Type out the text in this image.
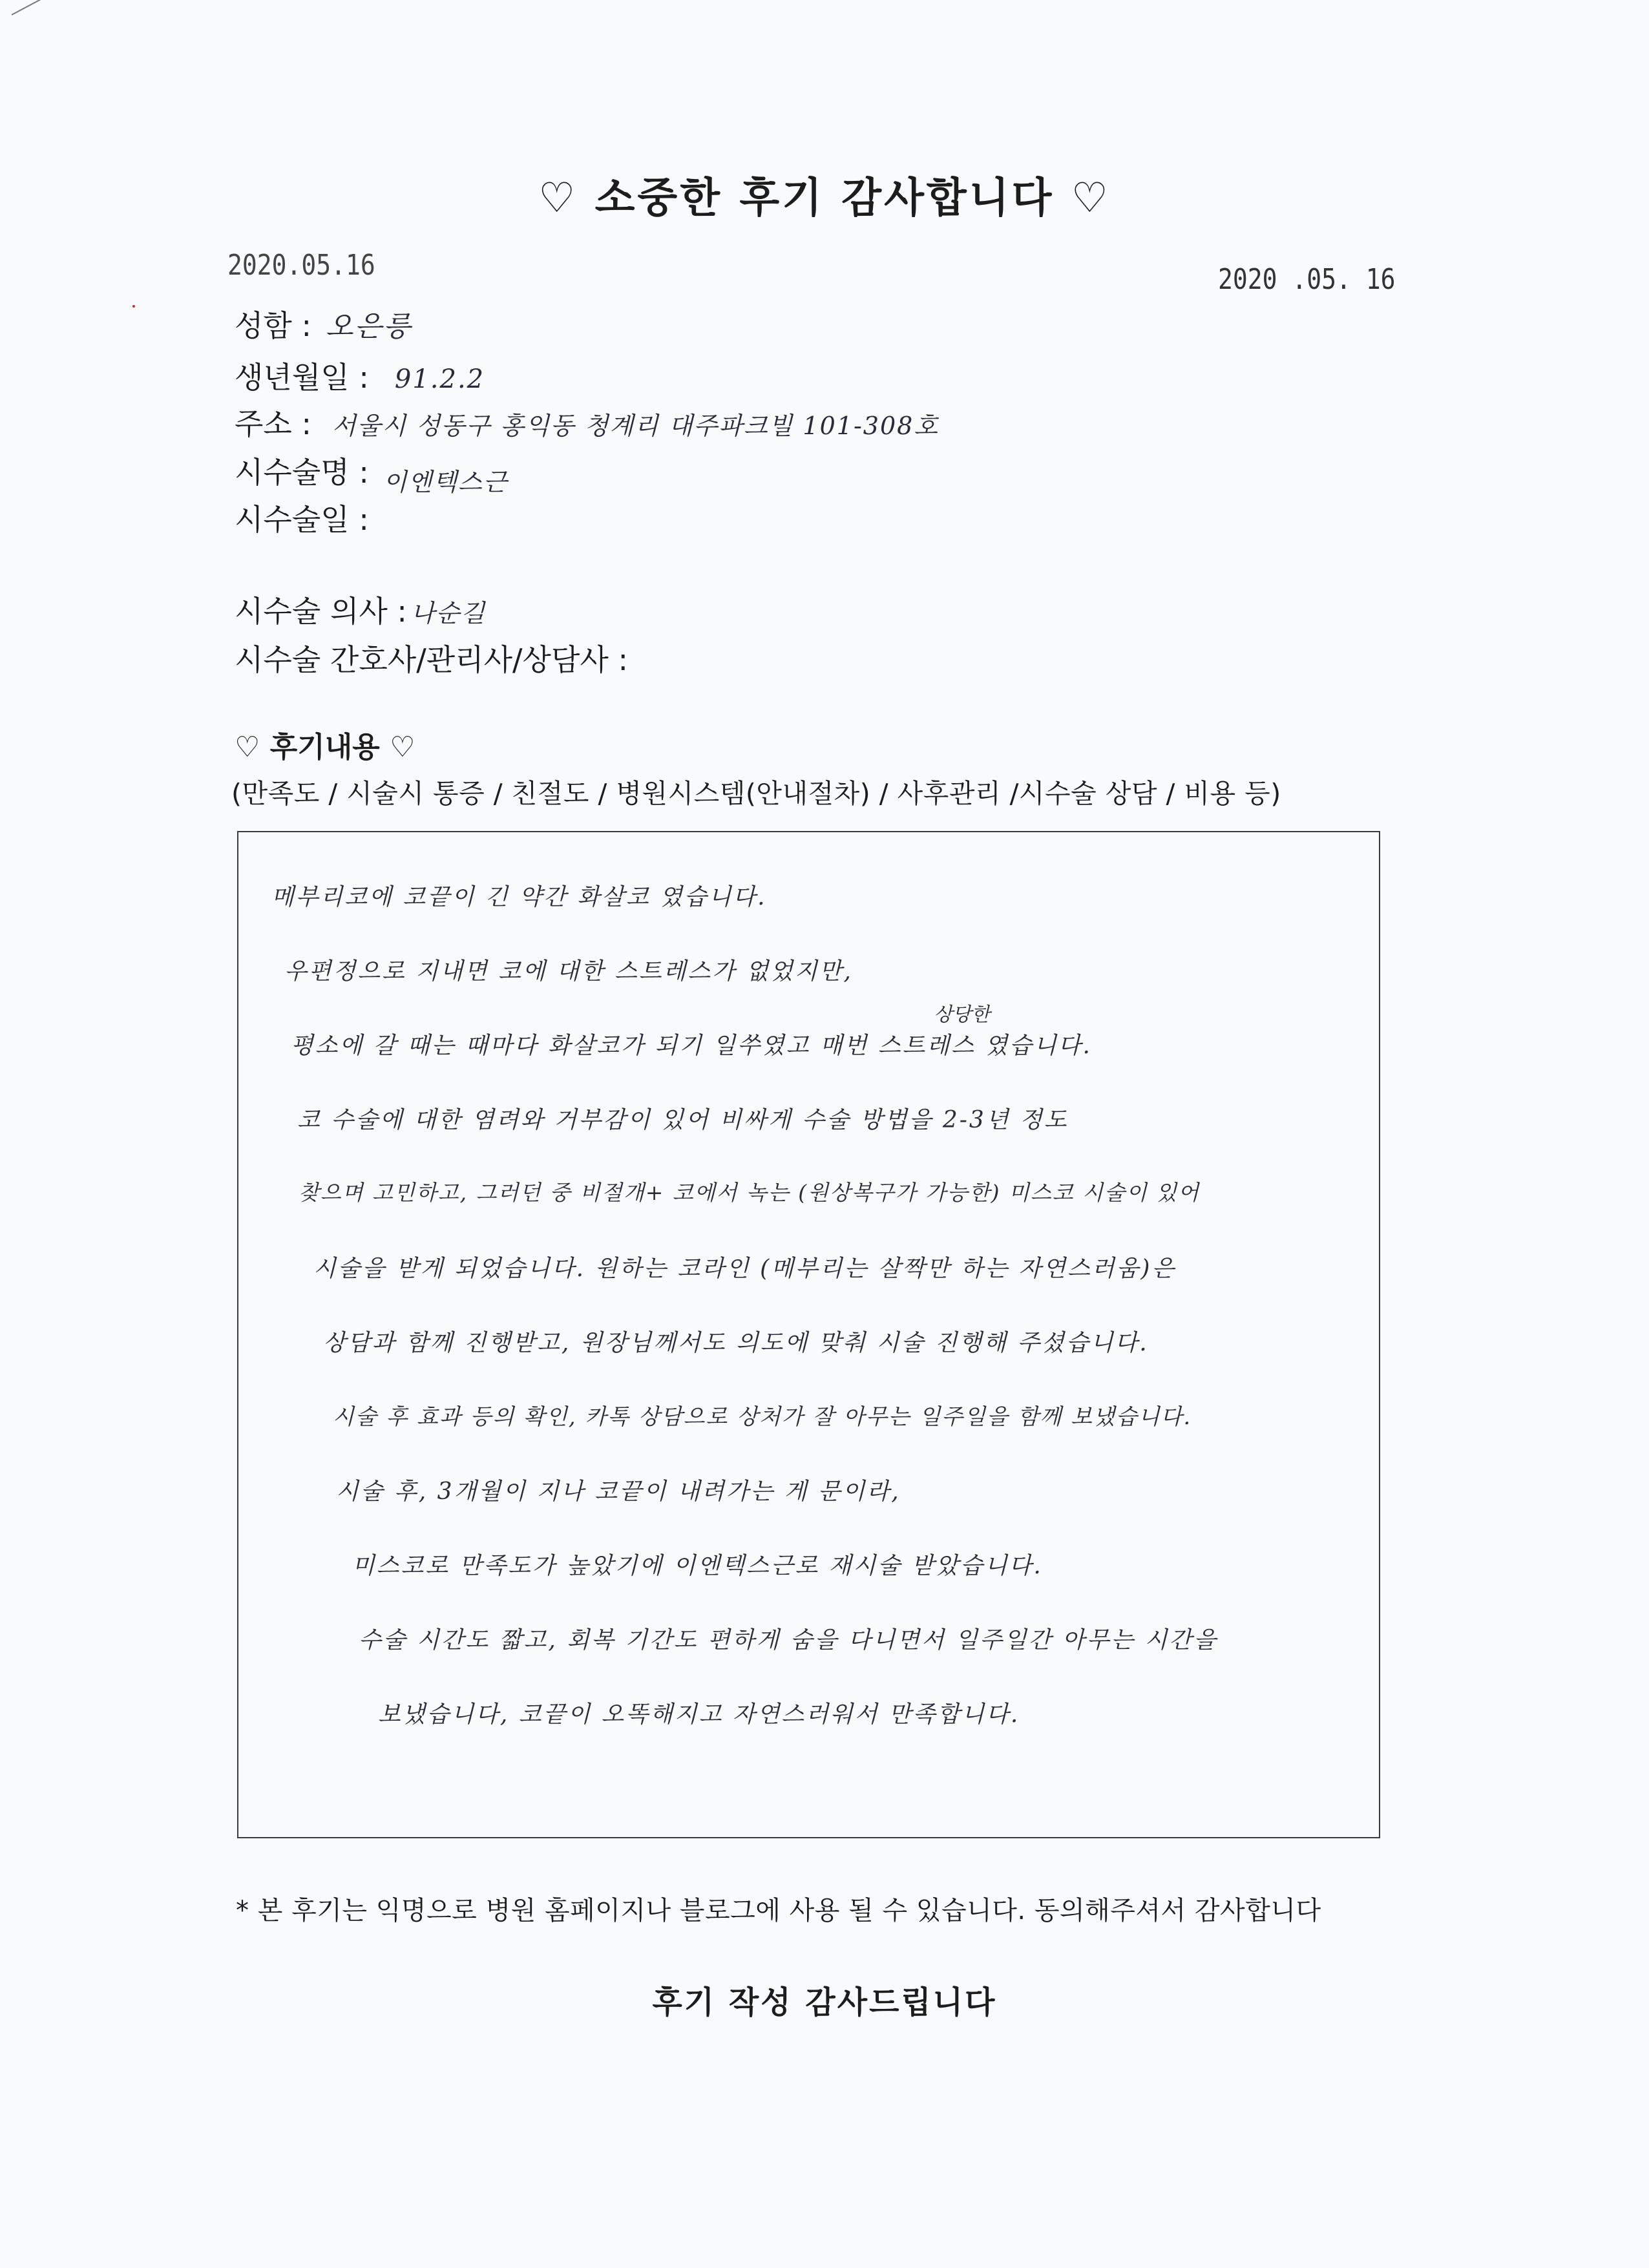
♡ 소중한 후기 감사합니다 ♡
2020.05.16	2020 .05. 16
성함 : 오은릉
생년월일 : 91.2.2
주소 : 서울시 성동구 홍익동 청계리 대주파크빌 101-308호
시수술명 : $_{이엔텍스근}$
시수술일 :
시수술 의사 : 나순길
시수술 간호사/관리사/상담사 :
♡ 후기내용 ♡
(만족도 / 시술시 통증 / 친절도 / 병원시스템(안내절차) / 사후관리 /시수술 상담 / 비용 등)
상당한
메부리코에 코끝이 긴 약간 화살코 였습니다.
우편정으로 지내면 코에 대한 스트레스가 없었지만,
평소에 갈 때는 때마다 화살코가 되기 일쑤였고 매번 스트레스 였습니다.
코 수술에 대한 염려와 거부감이 있어 비싸게 수술 방법을 2-3년 정도
찾으며 고민하고, 그러던 중 비절개+ 코에서 녹는 (원상복구가 가능한) 미스코 시술이 있어
시술을 받게 되었습니다. 원하는 코라인 (메부리는 살짝만 하는 자연스러움)은
상담과 함께 진행받고, 원장님께서도 의도에 맞춰 시술 진행해 주셨습니다.
시술 후 효과 등의 확인, 카톡 상담으로 상처가 잘 아무는 일주일을 함께 보냈습니다.
시술 후, 3개월이 지나 코끝이 내려가는 게 문이라,
미스코로 만족도가 높았기에 이엔텍스근로 재시술 받았습니다.
수술 시간도 짧고, 회복 기간도 편하게 숨을 다니면서 일주일간 아무는 시간을
보냈습니다, 코끝이 오똑해지고 자연스러워서 만족합니다.
* 본 후기는 익명으로 병원 홈페이지나 블로그에 사용 될 수 있습니다. 동의해주셔서 감사합니다
후기 작성 감사드립니다
